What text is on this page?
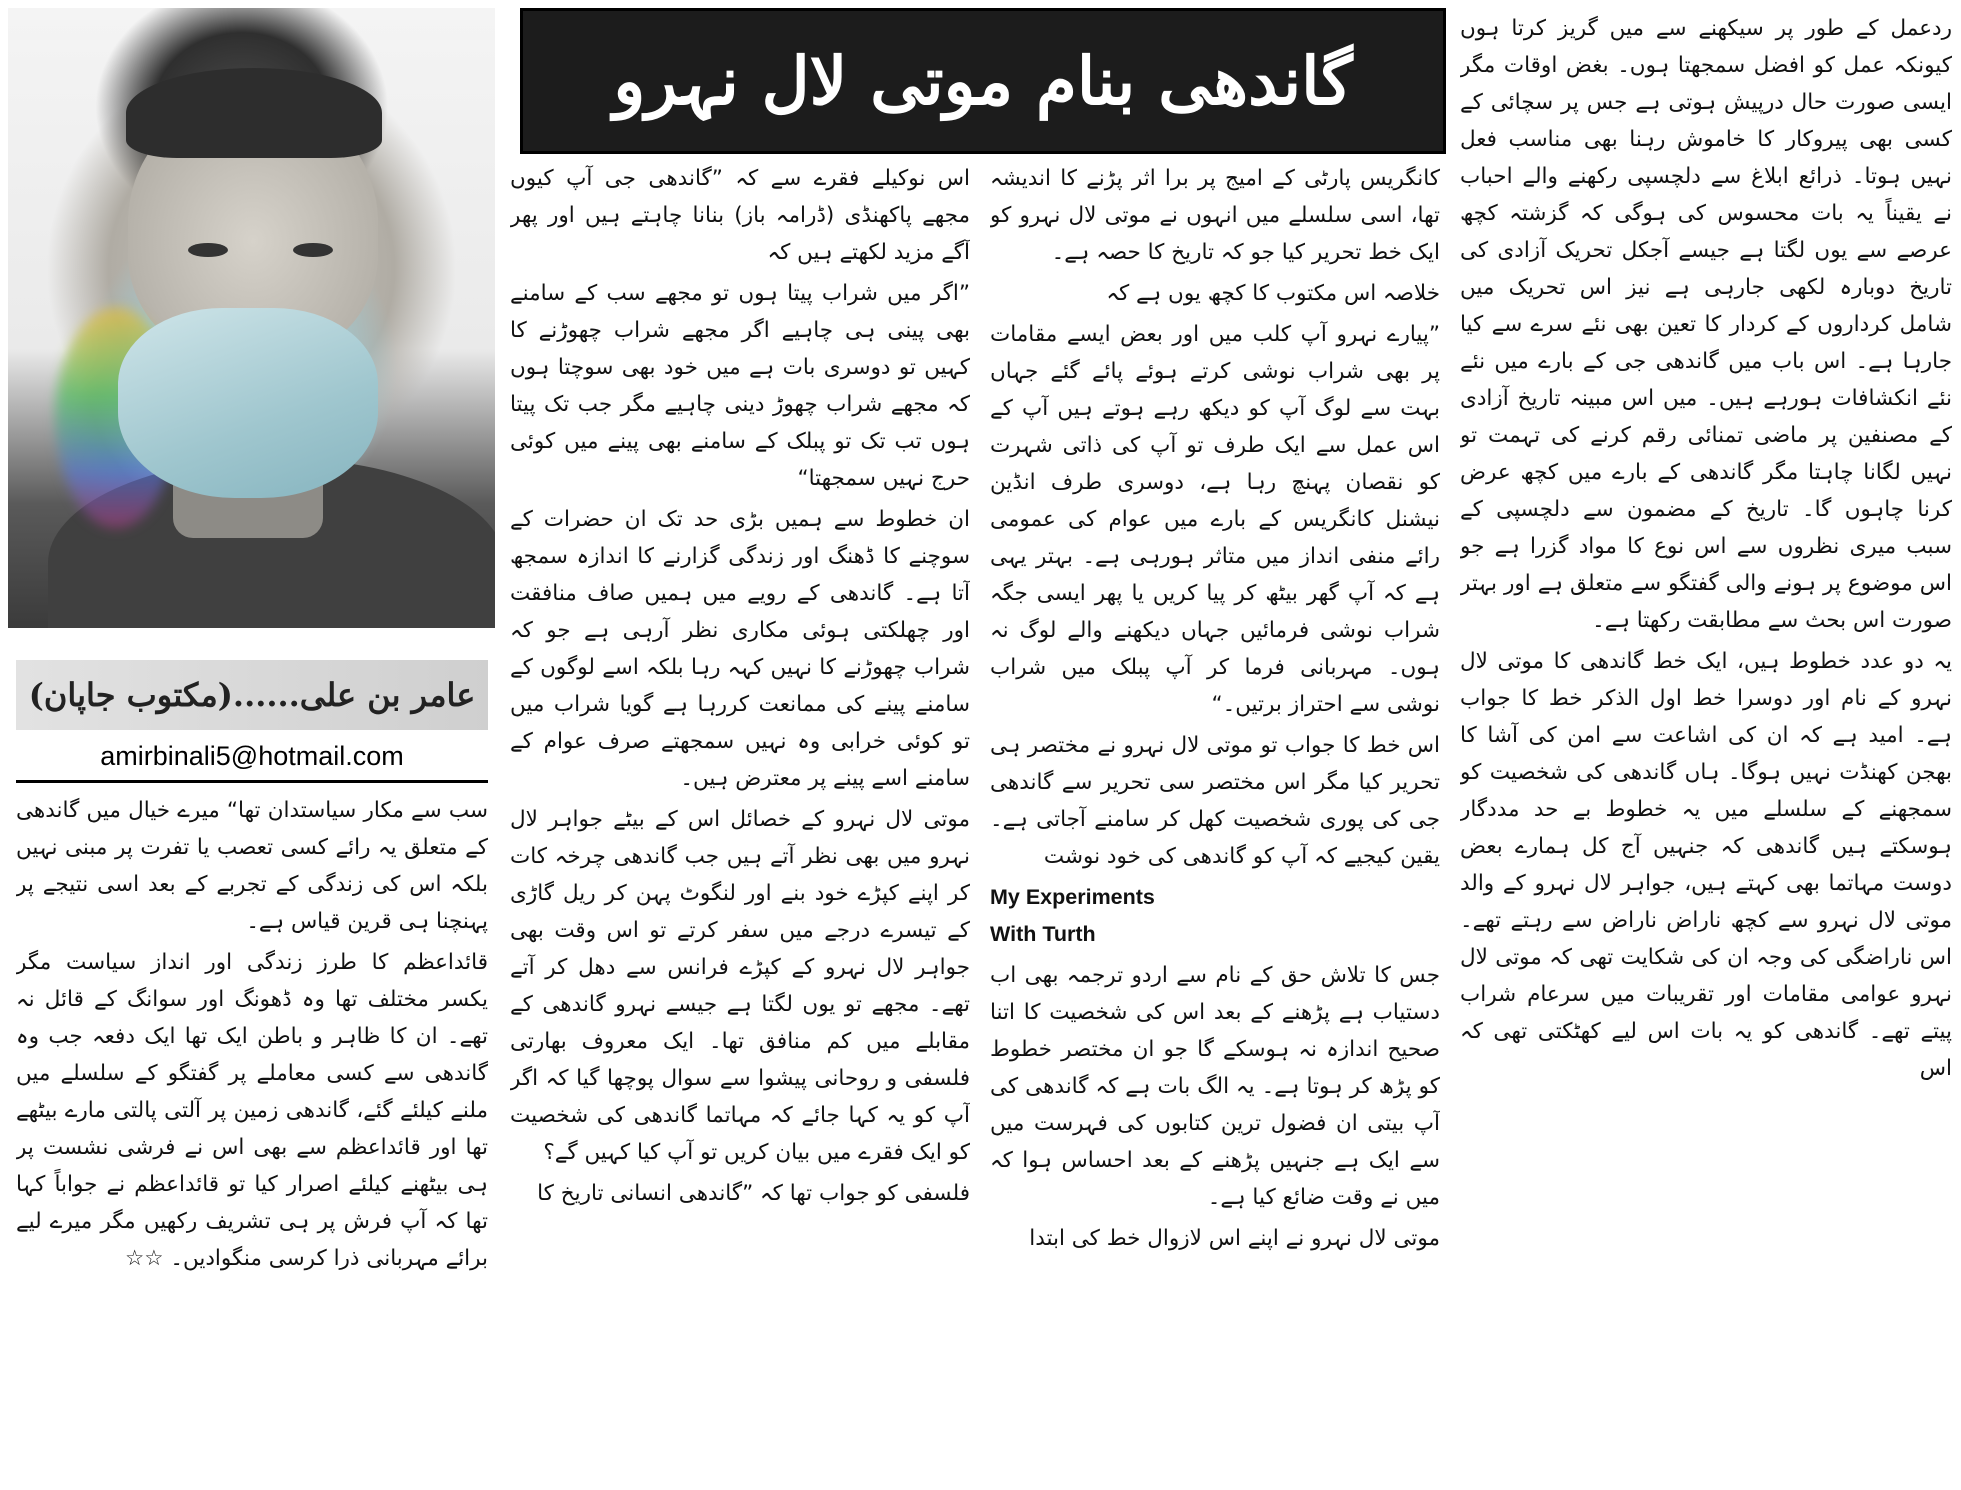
عامر بن علی......(مکتوب جاپان)
amirbinali5@hotmail.com
گاندھی بنام موتی لال نہرو

ردعمل کے طور پر سیکھنے سے میں گریز کرتا ہوں کیونکہ عمل کو افضل سمجھتا ہوں۔ بغض اوقات مگر ایسی صورت حال درپیش ہوتی ہے جس پر سچائی کے کسی بھی پیروکار کا خاموش رہنا بھی مناسب فعل نہیں ہوتا۔ ذرائع ابلاغ سے دلچسپی رکھنے والے احباب نے یقیناً یہ بات محسوس کی ہوگی کہ گزشتہ کچھ عرصے سے یوں لگتا ہے جیسے آجکل تحریک آزادی کی تاریخ دوبارہ لکھی جارہی ہے نیز اس تحریک میں شامل کرداروں کے کردار کا تعین بھی نئے سرے سے کیا جارہا ہے۔ اس باب میں گاندھی جی کے بارے میں نئے نئے انکشافات ہورہے ہیں۔ میں اس مبینہ تاریخ آزادی کے مصنفین پر ماضی تمنائی رقم کرنے کی تہمت تو نہیں لگانا چاہتا مگر گاندھی کے بارے میں کچھ عرض کرنا چاہوں گا۔ تاریخ کے مضمون سے دلچسپی کے سبب میری نظروں سے اس نوع کا مواد گزرا ہے جو اس موضوع پر ہونے والی گفتگو سے متعلق ہے اور بہتر صورت اس بحث سے مطابقت رکھتا ہے۔

یہ دو عدد خطوط ہیں، ایک خط گاندھی کا موتی لال نہرو کے نام اور دوسرا خط اول الذکر خط کا جواب ہے۔ امید ہے کہ ان کی اشاعت سے امن کی آشا کا بھجن کھنڈت نہیں ہوگا۔ ہاں گاندھی کی شخصیت کو سمجھنے کے سلسلے میں یہ خطوط بے حد مددگار ہوسکتے ہیں گاندھی کہ جنہیں آج کل ہمارے بعض دوست مہاتما بھی کہتے ہیں، جواہر لال نہرو کے والد موتی لال نہرو سے کچھ ناراض ناراض سے رہتے تھے۔ اس ناراضگی کی وجہ ان کی شکایت تھی کہ موتی لال نہرو عوامی مقامات اور تقریبات میں سرعام شراب پیتے تھے۔ گاندھی کو یہ بات اس لیے کھٹکتی تھی کہ اس

کانگریس پارٹی کے امیج پر برا اثر پڑنے کا اندیشہ تھا، اسی سلسلے میں انہوں نے موتی لال نہرو کو ایک خط تحریر کیا جو کہ تاریخ کا حصہ ہے۔

خلاصہ اس مکتوب کا کچھ یوں ہے کہ

”پیارے نہرو آپ کلب میں اور بعض ایسے مقامات پر بھی شراب نوشی کرتے ہوئے پائے گئے جہاں بہت سے لوگ آپ کو دیکھ رہے ہوتے ہیں آپ کے اس عمل سے ایک طرف تو آپ کی ذاتی شہرت کو نقصان پہنچ رہا ہے، دوسری طرف انڈین نیشنل کانگریس کے بارے میں عوام کی عمومی رائے منفی انداز میں متاثر ہورہی ہے۔ بہتر یہی ہے کہ آپ گھر بیٹھ کر پیا کریں یا پھر ایسی جگہ شراب نوشی فرمائیں جہاں دیکھنے والے لوگ نہ ہوں۔ مہربانی فرما کر آپ پبلک میں شراب نوشی سے احتراز برتیں۔“

اس خط کا جواب تو موتی لال نہرو نے مختصر ہی تحریر کیا مگر اس مختصر سی تحریر سے گاندھی جی کی پوری شخصیت کھل کر سامنے آجاتی ہے۔ یقین کیجیے کہ آپ کو گاندھی کی خود نوشت

My Experiments
With Turth

جس کا تلاش حق کے نام سے اردو ترجمہ بھی اب دستیاب ہے پڑھنے کے بعد اس کی شخصیت کا اتنا صحیح اندازہ نہ ہوسکے گا جو ان مختصر خطوط کو پڑھ کر ہوتا ہے۔ یہ الگ بات ہے کہ گاندھی کی آپ بیتی ان فضول ترین کتابوں کی فہرست میں سے ایک ہے جنہیں پڑھنے کے بعد احساس ہوا کہ میں نے وقت ضائع کیا ہے۔

موتی لال نہرو نے اپنے اس لازوال خط کی ابتدا

اس نوکیلے فقرے سے کہ ”گاندھی جی آپ کیوں مجھے پاکھنڈی (ڈرامہ باز) بنانا چاہتے ہیں اور پھر آگے مزید لکھتے ہیں کہ

”اگر میں شراب پیتا ہوں تو مجھے سب کے سامنے بھی پینی ہی چاہیے اگر مجھے شراب چھوڑنے کا کہیں تو دوسری بات ہے میں خود بھی سوچتا ہوں کہ مجھے شراب چھوڑ دینی چاہیے مگر جب تک پیتا ہوں تب تک تو پبلک کے سامنے بھی پینے میں کوئی حرج نہیں سمجھتا“

ان خطوط سے ہمیں بڑی حد تک ان حضرات کے سوچنے کا ڈھنگ اور زندگی گزارنے کا اندازہ سمجھ آتا ہے۔ گاندھی کے رویے میں ہمیں صاف منافقت اور چھلکتی ہوئی مکاری نظر آرہی ہے جو کہ شراب چھوڑنے کا نہیں کہہ رہا بلکہ اسے لوگوں کے سامنے پینے کی ممانعت کررہا ہے گویا شراب میں تو کوئی خرابی وہ نہیں سمجھتے صرف عوام کے سامنے اسے پینے پر معترض ہیں۔

موتی لال نہرو کے خصائل اس کے بیٹے جواہر لال نہرو میں بھی نظر آتے ہیں جب گاندھی چرخہ کات کر اپنے کپڑے خود بنے اور لنگوٹ پہن کر ریل گاڑی کے تیسرے درجے میں سفر کرتے تو اس وقت بھی جواہر لال نہرو کے کپڑے فرانس سے دھل کر آتے تھے۔ مجھے تو یوں لگتا ہے جیسے نہرو گاندھی کے مقابلے میں کم منافق تھا۔ ایک معروف بھارتی فلسفی و روحانی پیشوا سے سوال پوچھا گیا کہ اگر آپ کو یہ کہا جائے کہ مہاتما گاندھی کی شخصیت کو ایک فقرے میں بیان کریں تو آپ کیا کہیں گے؟

فلسفی کو جواب تھا کہ ”گاندھی انسانی تاریخ کا

سب سے مکار سیاستدان تھا“ میرے خیال میں گاندھی کے متعلق یہ رائے کسی تعصب یا تفرت پر مبنی نہیں بلکہ اس کی زندگی کے تجربے کے بعد اسی نتیجے پر پہنچنا ہی قرین قیاس ہے۔

قائداعظم کا طرز زندگی اور انداز سیاست مگر یکسر مختلف تھا وہ ڈھونگ اور سوانگ کے قائل نہ تھے۔ ان کا ظاہر و باطن ایک تھا ایک دفعہ جب وہ گاندھی سے کسی معاملے پر گفتگو کے سلسلے میں ملنے کیلئے گئے، گاندھی زمین پر آلتی پالتی مارے بیٹھے تھا اور قائداعظم سے بھی اس نے فرشی نشست پر ہی بیٹھنے کیلئے اصرار کیا تو قائداعظم نے جواباً کہا تھا کہ آپ فرش پر ہی تشریف رکھیں مگر میرے لیے برائے مہربانی ذرا کرسی منگوادیں۔ ☆☆
